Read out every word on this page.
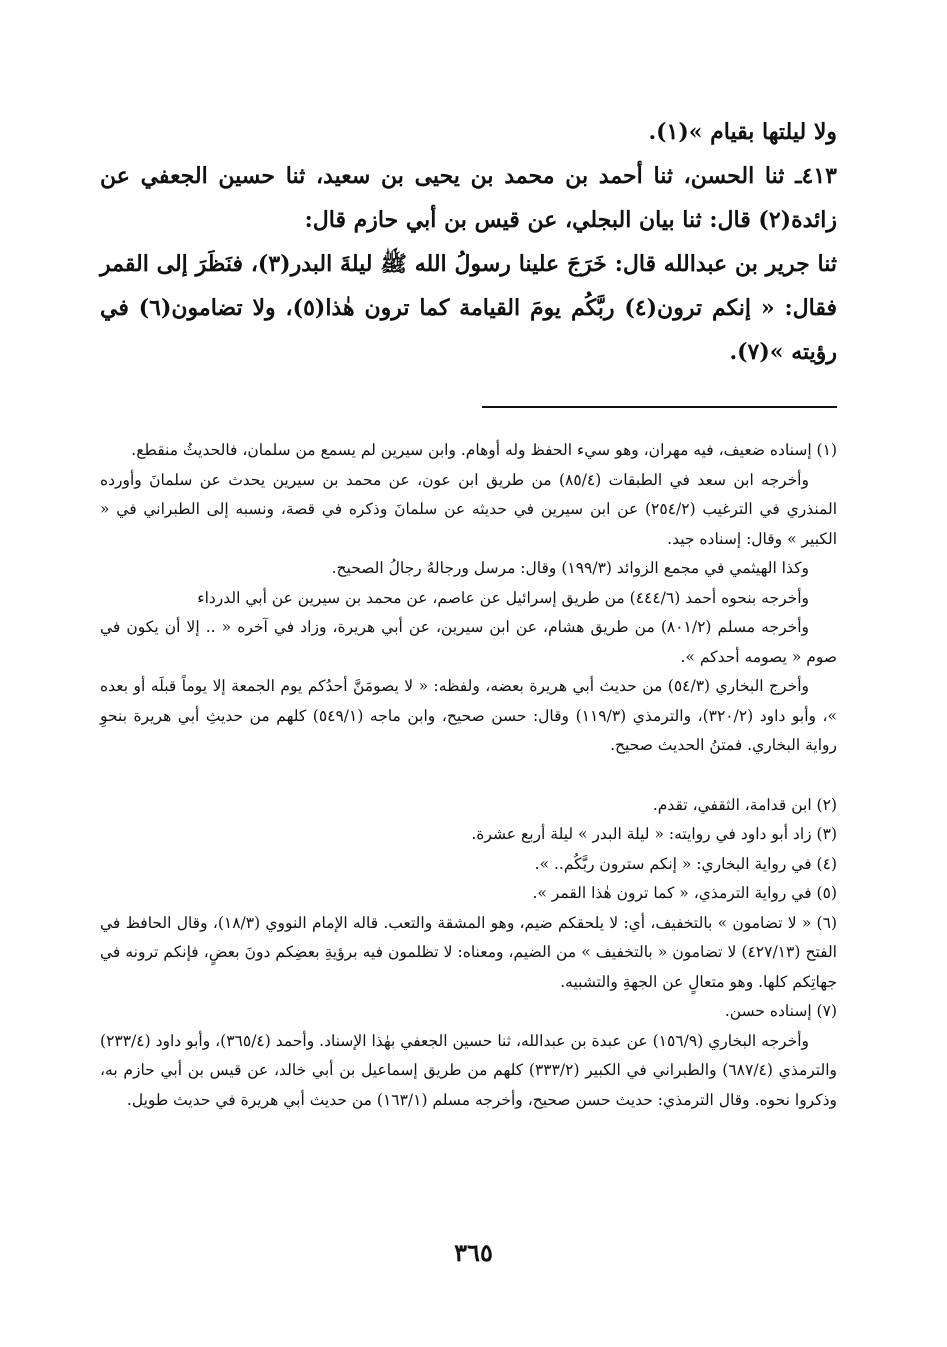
ولا ليلتها بقيام »(١).

٤١٣ـ ثنا الحسن، ثنا أحمد بن محمد بن يحيى بن سعيد، ثنا حسين الجعفي عن زائدة(٢) قال: ثنا بيان البجلي، عن قيس بن أبي حازم قال:

ثنا جرير بن عبدالله قال: خَرَجَ علينا رسولُ الله ﷺ ليلةَ البدر(٣)، فنَظَرَ إلى القمر فقال: « إنكم ترون(٤) ربَّكُم يومَ القيامة كما ترون هٰذا(٥)، ولا تضامون(٦) في رؤيته »(٧).

(١) إسناده ضعيف، فيه مهران، وهو سيء الحفظ وله أوهام. وابن سيرين لم يسمع من سلمان، فالحديثُ منقطع.

وأخرجه ابن سعد في الطبقات (٨٥/٤) من طريق ابن عون، عن محمد بن سيرين يحدث عن سلمانَ وأورده المنذري في الترغيب (٢٥٤/٢) عن ابن سيرين في حديثه عن سلمانَ وذكره في قصة، ونسبه إلى الطبراني في « الكبير » وقال: إسناده جيد.

وكذا الهيثمي في مجمع الزوائد (١٩٩/٣) وقال: مرسل ورجالهُ رجالُ الصحيح.

وأخرجه بنحوه أحمد (٤٤٤/٦) من طريق إسرائيل عن عاصم، عن محمد بن سيرين عن أبي الدرداء

وأخرجه مسلم (٨٠١/٢) من طريق هشام، عن ابن سيرين، عن أبي هريرة، وزاد في آخره « .. إلا أن يكون في صوم « يصومه أحدكم ».

وأخرج البخاري (٥٤/٣) من حديث أبي هريرة بعضه، ولفظه: « لا يصومَنَّ أحدُكم يوم الجمعة إلا يوماً قبلَه أو بعده »، وأبو داود (٣٢٠/٢)، والترمذي (١١٩/٣) وقال: حسن صحيح، وابن ماجه (٥٤٩/١) كلهم من حديثِ أبي هريرة بنحوِ رواية البخاري. فمتنُ الحديث صحيح.

(٢) ابن قدامة، الثقفي، تقدم.

(٣) زاد أبو داود في روايته: « ليلة البدر » ليلة أربع عشرة.

(٤) في رواية البخاري: « إنكم سترون ربَّكُم.. ».

(٥) في رواية الترمذي، « كما ترون هٰذا القمر ».

(٦) « لا تضامون » بالتخفيف، أي: لا يلحقكم ضيم، وهو المشقة والتعب. قاله الإمام النووي (١٨/٣)، وقال الحافظ في الفتح (٤٢٧/١٣) لا تضامون « بالتخفيف » من الضيم، ومعناه: لا تظلمون فيه برؤيةِ بعضِكم دونَ بعضٍ، فإنكم ترونه في جهاتِكم كلها. وهو متعالٍ عن الجهةِ والتشبيه.

(٧) إسناده حسن.

وأخرجه البخاري (١٥٦/٩) عن عبدة بن عبدالله، ثنا حسين الجعفي بهٰذا الإسناد. وأحمد (٣٦٥/٤)، وأبو داود (٢٣٣/٤) والترمذي (٦٨٧/٤) والطبراني في الكبير (٣٣٣/٢) كلهم من طريق إسماعيل بن أبي خالد، عن قيس بن أبي حازم به، وذكروا نحوه. وقال الترمذي: حديث حسن صحيح، وأخرجه مسلم (١٦٣/١) من حديث أبي هريرة في حديث طويل.

٣٦٥
